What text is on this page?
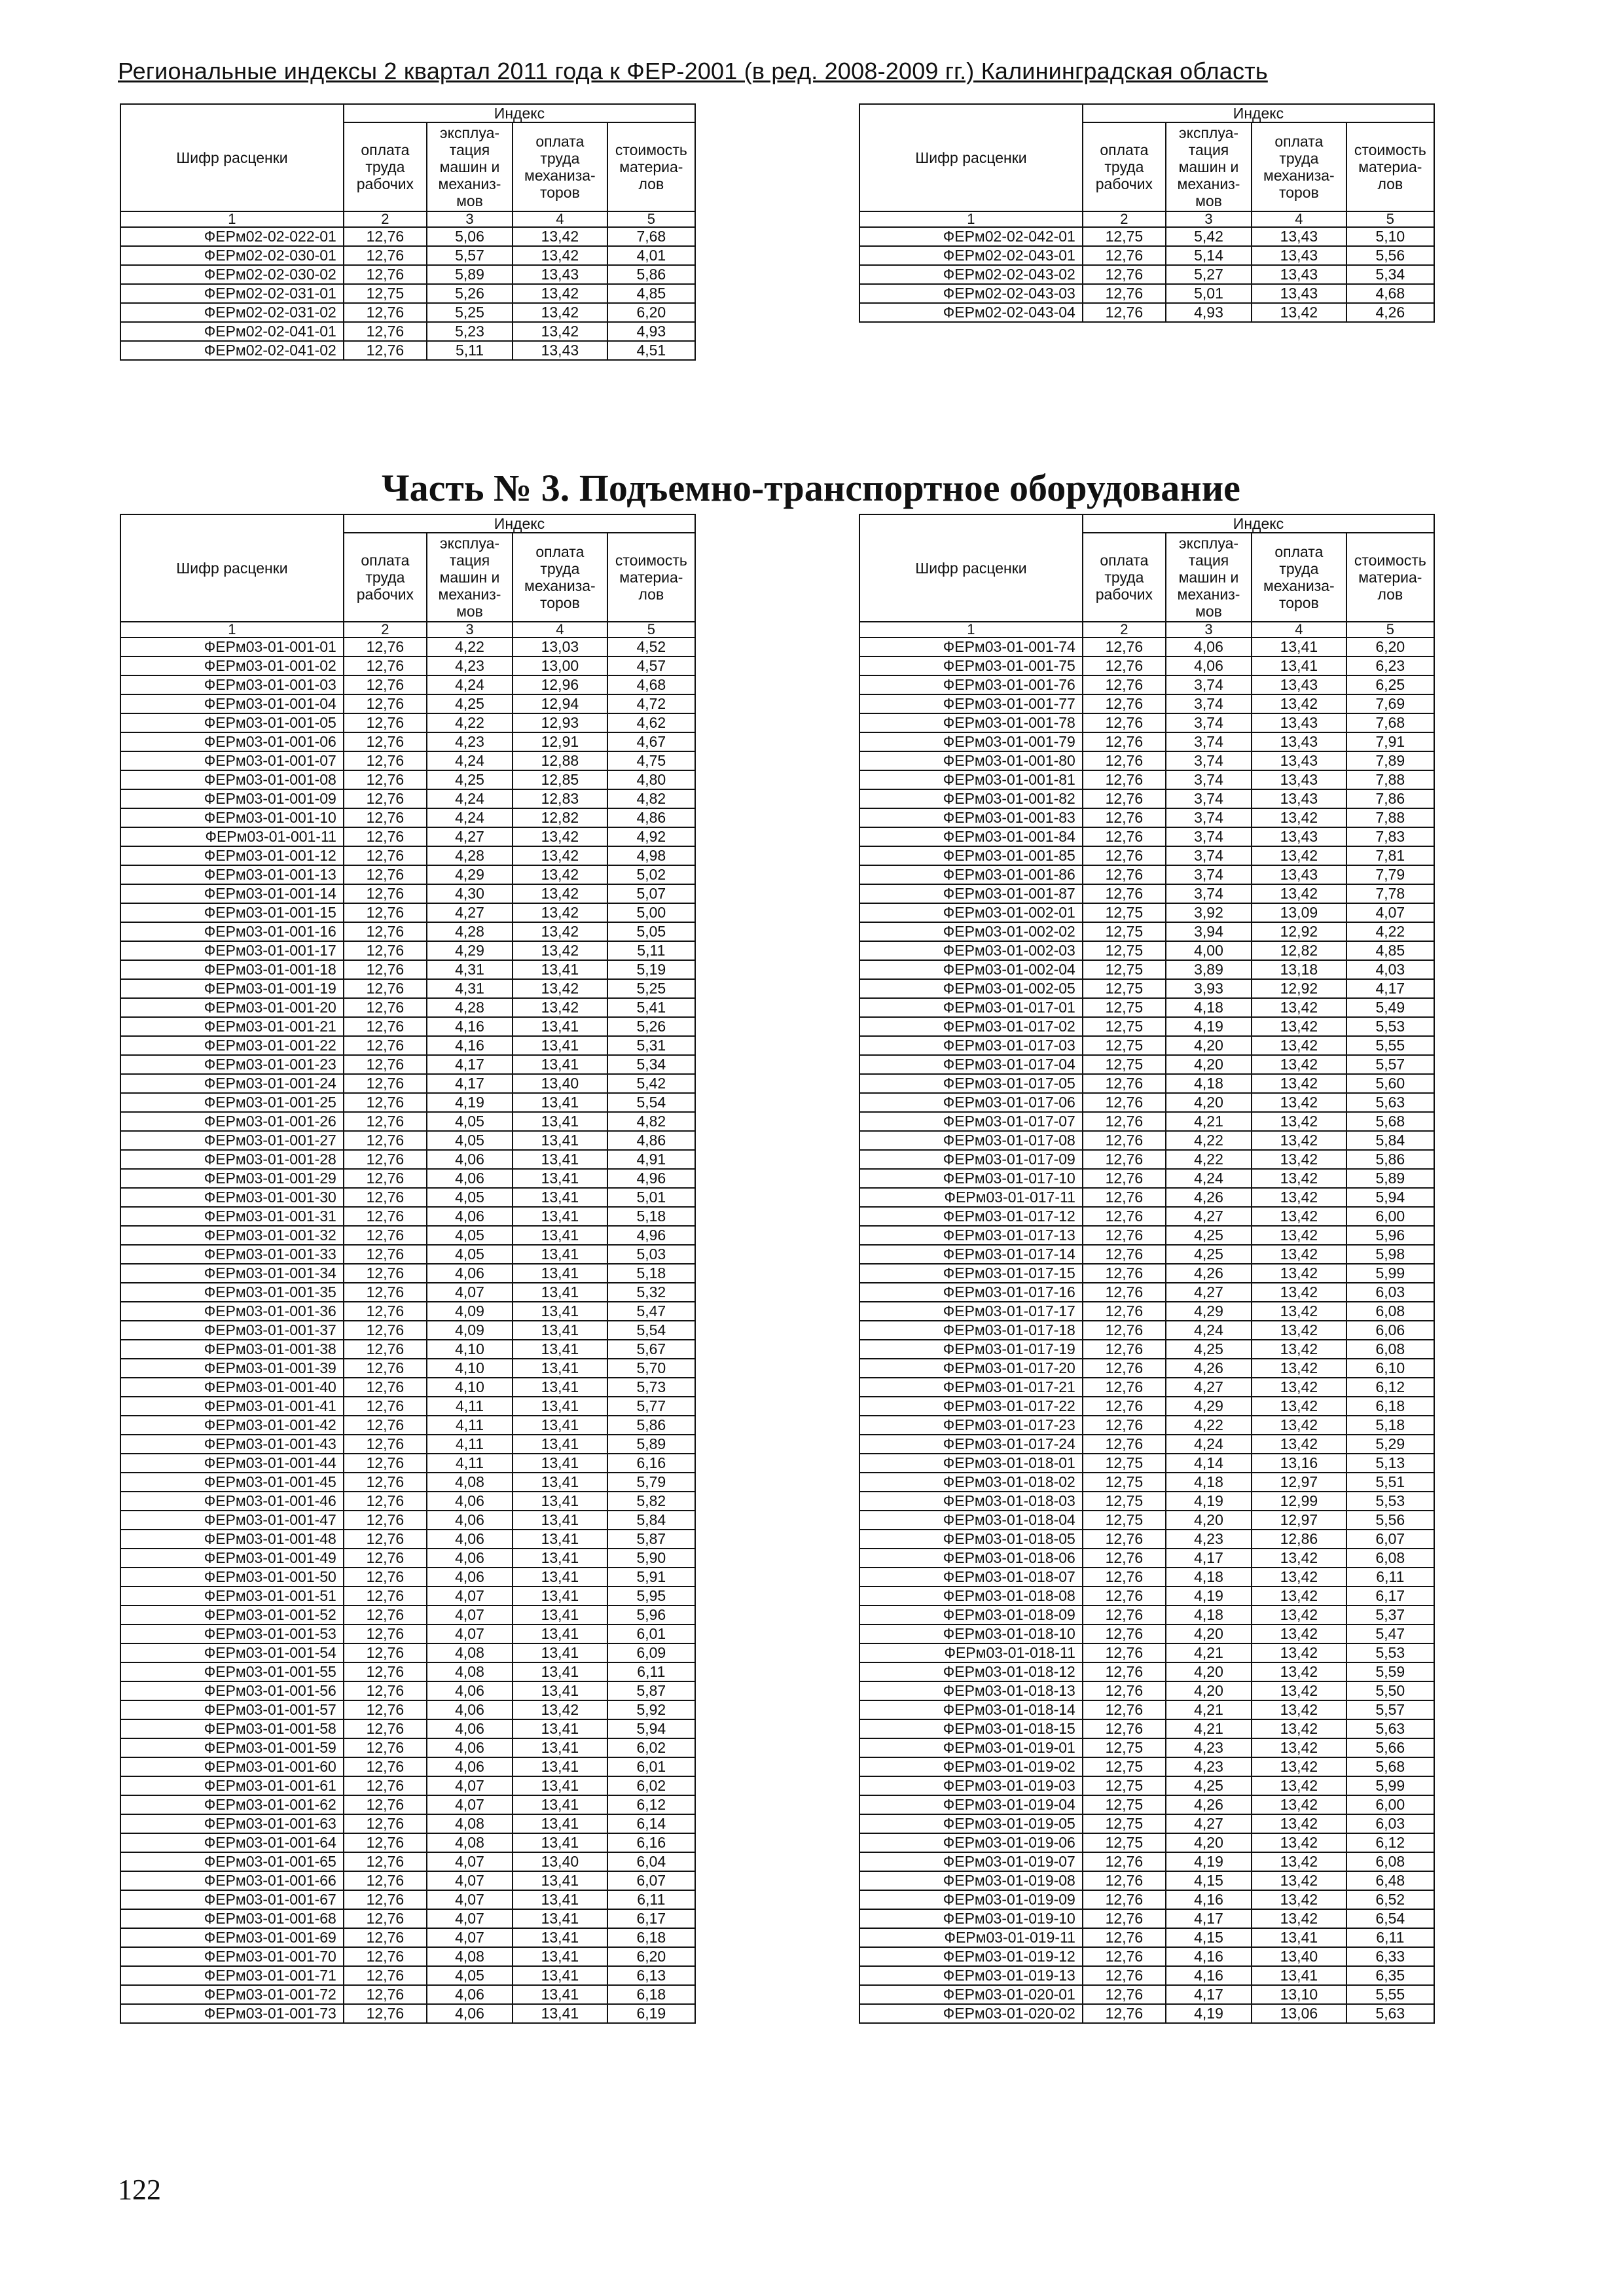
Региональные индексы 2 квартал 2011 года к ФЕР-2001 (в ред. 2008-2009 гг.) Калининградская область
Шифр расценки	Индекс			
	оплата труда рабочих	эксплуа-тация машин и механиз-мов	оплата труда механиза-торов	стоимость материа-лов
1	2	3	4	5
ФЕРм02-02-022-01	12,76	5,06	13,42	7,68
ФЕРм02-02-030-01	12,76	5,57	13,42	4,01
ФЕРм02-02-030-02	12,76	5,89	13,43	5,86
ФЕРм02-02-031-01	12,75	5,26	13,42	4,85
ФЕРм02-02-031-02	12,76	5,25	13,42	6,20
ФЕРм02-02-041-01	12,76	5,23	13,42	4,93
ФЕРм02-02-041-02	12,76	5,11	13,43	4,51
Шифр расценки	Индекс			
	оплата труда рабочих	эксплуа-тация машин и механиз-мов	оплата труда механиза-торов	стоимость материа-лов
1	2	3	4	5
ФЕРм02-02-042-01	12,75	5,42	13,43	5,10
ФЕРм02-02-043-01	12,76	5,14	13,43	5,56
ФЕРм02-02-043-02	12,76	5,27	13,43	5,34
ФЕРм02-02-043-03	12,76	5,01	13,43	4,68
ФЕРм02-02-043-04	12,76	4,93	13,42	4,26
Часть № 3. Подъемно-транспортное оборудование
Шифр расценки	Индекс			
	оплата труда рабочих	эксплуа-тация машин и механиз-мов	оплата труда механиза-торов	стоимость материа-лов
1	2	3	4	5
ФЕРм03-01-001-01	12,76	4,22	13,03	4,52
ФЕРм03-01-001-02	12,76	4,23	13,00	4,57
ФЕРм03-01-001-03	12,76	4,24	12,96	4,68
ФЕРм03-01-001-04	12,76	4,25	12,94	4,72
ФЕРм03-01-001-05	12,76	4,22	12,93	4,62
ФЕРм03-01-001-06	12,76	4,23	12,91	4,67
ФЕРм03-01-001-07	12,76	4,24	12,88	4,75
ФЕРм03-01-001-08	12,76	4,25	12,85	4,80
ФЕРм03-01-001-09	12,76	4,24	12,83	4,82
ФЕРм03-01-001-10	12,76	4,24	12,82	4,86
ФЕРм03-01-001-11	12,76	4,27	13,42	4,92
ФЕРм03-01-001-12	12,76	4,28	13,42	4,98
ФЕРм03-01-001-13	12,76	4,29	13,42	5,02
ФЕРм03-01-001-14	12,76	4,30	13,42	5,07
ФЕРм03-01-001-15	12,76	4,27	13,42	5,00
ФЕРм03-01-001-16	12,76	4,28	13,42	5,05
ФЕРм03-01-001-17	12,76	4,29	13,42	5,11
ФЕРм03-01-001-18	12,76	4,31	13,41	5,19
ФЕРм03-01-001-19	12,76	4,31	13,42	5,25
ФЕРм03-01-001-20	12,76	4,28	13,42	5,41
ФЕРм03-01-001-21	12,76	4,16	13,41	5,26
ФЕРм03-01-001-22	12,76	4,16	13,41	5,31
ФЕРм03-01-001-23	12,76	4,17	13,41	5,34
ФЕРм03-01-001-24	12,76	4,17	13,40	5,42
ФЕРм03-01-001-25	12,76	4,19	13,41	5,54
ФЕРм03-01-001-26	12,76	4,05	13,41	4,82
ФЕРм03-01-001-27	12,76	4,05	13,41	4,86
ФЕРм03-01-001-28	12,76	4,06	13,41	4,91
ФЕРм03-01-001-29	12,76	4,06	13,41	4,96
ФЕРм03-01-001-30	12,76	4,05	13,41	5,01
ФЕРм03-01-001-31	12,76	4,06	13,41	5,18
ФЕРм03-01-001-32	12,76	4,05	13,41	4,96
ФЕРм03-01-001-33	12,76	4,05	13,41	5,03
ФЕРм03-01-001-34	12,76	4,06	13,41	5,18
ФЕРм03-01-001-35	12,76	4,07	13,41	5,32
ФЕРм03-01-001-36	12,76	4,09	13,41	5,47
ФЕРм03-01-001-37	12,76	4,09	13,41	5,54
ФЕРм03-01-001-38	12,76	4,10	13,41	5,67
ФЕРм03-01-001-39	12,76	4,10	13,41	5,70
ФЕРм03-01-001-40	12,76	4,10	13,41	5,73
ФЕРм03-01-001-41	12,76	4,11	13,41	5,77
ФЕРм03-01-001-42	12,76	4,11	13,41	5,86
ФЕРм03-01-001-43	12,76	4,11	13,41	5,89
ФЕРм03-01-001-44	12,76	4,11	13,41	6,16
ФЕРм03-01-001-45	12,76	4,08	13,41	5,79
ФЕРм03-01-001-46	12,76	4,06	13,41	5,82
ФЕРм03-01-001-47	12,76	4,06	13,41	5,84
ФЕРм03-01-001-48	12,76	4,06	13,41	5,87
ФЕРм03-01-001-49	12,76	4,06	13,41	5,90
ФЕРм03-01-001-50	12,76	4,06	13,41	5,91
ФЕРм03-01-001-51	12,76	4,07	13,41	5,95
ФЕРм03-01-001-52	12,76	4,07	13,41	5,96
ФЕРм03-01-001-53	12,76	4,07	13,41	6,01
ФЕРм03-01-001-54	12,76	4,08	13,41	6,09
ФЕРм03-01-001-55	12,76	4,08	13,41	6,11
ФЕРм03-01-001-56	12,76	4,06	13,41	5,87
ФЕРм03-01-001-57	12,76	4,06	13,42	5,92
ФЕРм03-01-001-58	12,76	4,06	13,41	5,94
ФЕРм03-01-001-59	12,76	4,06	13,41	6,02
ФЕРм03-01-001-60	12,76	4,06	13,41	6,01
ФЕРм03-01-001-61	12,76	4,07	13,41	6,02
ФЕРм03-01-001-62	12,76	4,07	13,41	6,12
ФЕРм03-01-001-63	12,76	4,08	13,41	6,14
ФЕРм03-01-001-64	12,76	4,08	13,41	6,16
ФЕРм03-01-001-65	12,76	4,07	13,40	6,04
ФЕРм03-01-001-66	12,76	4,07	13,41	6,07
ФЕРм03-01-001-67	12,76	4,07	13,41	6,11
ФЕРм03-01-001-68	12,76	4,07	13,41	6,17
ФЕРм03-01-001-69	12,76	4,07	13,41	6,18
ФЕРм03-01-001-70	12,76	4,08	13,41	6,20
ФЕРм03-01-001-71	12,76	4,05	13,41	6,13
ФЕРм03-01-001-72	12,76	4,06	13,41	6,18
ФЕРм03-01-001-73	12,76	4,06	13,41	6,19
Шифр расценки	Индекс			
	оплата труда рабочих	эксплуа-тация машин и механиз-мов	оплата труда механиза-торов	стоимость материа-лов
1	2	3	4	5
ФЕРм03-01-001-74	12,76	4,06	13,41	6,20
ФЕРм03-01-001-75	12,76	4,06	13,41	6,23
ФЕРм03-01-001-76	12,76	3,74	13,43	6,25
ФЕРм03-01-001-77	12,76	3,74	13,42	7,69
ФЕРм03-01-001-78	12,76	3,74	13,43	7,68
ФЕРм03-01-001-79	12,76	3,74	13,43	7,91
ФЕРм03-01-001-80	12,76	3,74	13,43	7,89
ФЕРм03-01-001-81	12,76	3,74	13,43	7,88
ФЕРм03-01-001-82	12,76	3,74	13,43	7,86
ФЕРм03-01-001-83	12,76	3,74	13,42	7,88
ФЕРм03-01-001-84	12,76	3,74	13,43	7,83
ФЕРм03-01-001-85	12,76	3,74	13,42	7,81
ФЕРм03-01-001-86	12,76	3,74	13,43	7,79
ФЕРм03-01-001-87	12,76	3,74	13,42	7,78
ФЕРм03-01-002-01	12,75	3,92	13,09	4,07
ФЕРм03-01-002-02	12,75	3,94	12,92	4,22
ФЕРм03-01-002-03	12,75	4,00	12,82	4,85
ФЕРм03-01-002-04	12,75	3,89	13,18	4,03
ФЕРм03-01-002-05	12,75	3,93	12,92	4,17
ФЕРм03-01-017-01	12,75	4,18	13,42	5,49
ФЕРм03-01-017-02	12,75	4,19	13,42	5,53
ФЕРм03-01-017-03	12,75	4,20	13,42	5,55
ФЕРм03-01-017-04	12,75	4,20	13,42	5,57
ФЕРм03-01-017-05	12,76	4,18	13,42	5,60
ФЕРм03-01-017-06	12,76	4,20	13,42	5,63
ФЕРм03-01-017-07	12,76	4,21	13,42	5,68
ФЕРм03-01-017-08	12,76	4,22	13,42	5,84
ФЕРм03-01-017-09	12,76	4,22	13,42	5,86
ФЕРм03-01-017-10	12,76	4,24	13,42	5,89
ФЕРм03-01-017-11	12,76	4,26	13,42	5,94
ФЕРм03-01-017-12	12,76	4,27	13,42	6,00
ФЕРм03-01-017-13	12,76	4,25	13,42	5,96
ФЕРм03-01-017-14	12,76	4,25	13,42	5,98
ФЕРм03-01-017-15	12,76	4,26	13,42	5,99
ФЕРм03-01-017-16	12,76	4,27	13,42	6,03
ФЕРм03-01-017-17	12,76	4,29	13,42	6,08
ФЕРм03-01-017-18	12,76	4,24	13,42	6,06
ФЕРм03-01-017-19	12,76	4,25	13,42	6,08
ФЕРм03-01-017-20	12,76	4,26	13,42	6,10
ФЕРм03-01-017-21	12,76	4,27	13,42	6,12
ФЕРм03-01-017-22	12,76	4,29	13,42	6,18
ФЕРм03-01-017-23	12,76	4,22	13,42	5,18
ФЕРм03-01-017-24	12,76	4,24	13,42	5,29
ФЕРм03-01-018-01	12,75	4,14	13,16	5,13
ФЕРм03-01-018-02	12,75	4,18	12,97	5,51
ФЕРм03-01-018-03	12,75	4,19	12,99	5,53
ФЕРм03-01-018-04	12,75	4,20	12,97	5,56
ФЕРм03-01-018-05	12,76	4,23	12,86	6,07
ФЕРм03-01-018-06	12,76	4,17	13,42	6,08
ФЕРм03-01-018-07	12,76	4,18	13,42	6,11
ФЕРм03-01-018-08	12,76	4,19	13,42	6,17
ФЕРм03-01-018-09	12,76	4,18	13,42	5,37
ФЕРм03-01-018-10	12,76	4,20	13,42	5,47
ФЕРм03-01-018-11	12,76	4,21	13,42	5,53
ФЕРм03-01-018-12	12,76	4,20	13,42	5,59
ФЕРм03-01-018-13	12,76	4,20	13,42	5,50
ФЕРм03-01-018-14	12,76	4,21	13,42	5,57
ФЕРм03-01-018-15	12,76	4,21	13,42	5,63
ФЕРм03-01-019-01	12,75	4,23	13,42	5,66
ФЕРм03-01-019-02	12,75	4,23	13,42	5,68
ФЕРм03-01-019-03	12,75	4,25	13,42	5,99
ФЕРм03-01-019-04	12,75	4,26	13,42	6,00
ФЕРм03-01-019-05	12,75	4,27	13,42	6,03
ФЕРм03-01-019-06	12,75	4,20	13,42	6,12
ФЕРм03-01-019-07	12,76	4,19	13,42	6,08
ФЕРм03-01-019-08	12,76	4,15	13,42	6,48
ФЕРм03-01-019-09	12,76	4,16	13,42	6,52
ФЕРм03-01-019-10	12,76	4,17	13,42	6,54
ФЕРм03-01-019-11	12,76	4,15	13,41	6,11
ФЕРм03-01-019-12	12,76	4,16	13,40	6,33
ФЕРм03-01-019-13	12,76	4,16	13,41	6,35
ФЕРм03-01-020-01	12,76	4,17	13,10	5,55
ФЕРм03-01-020-02	12,76	4,19	13,06	5,63
122
